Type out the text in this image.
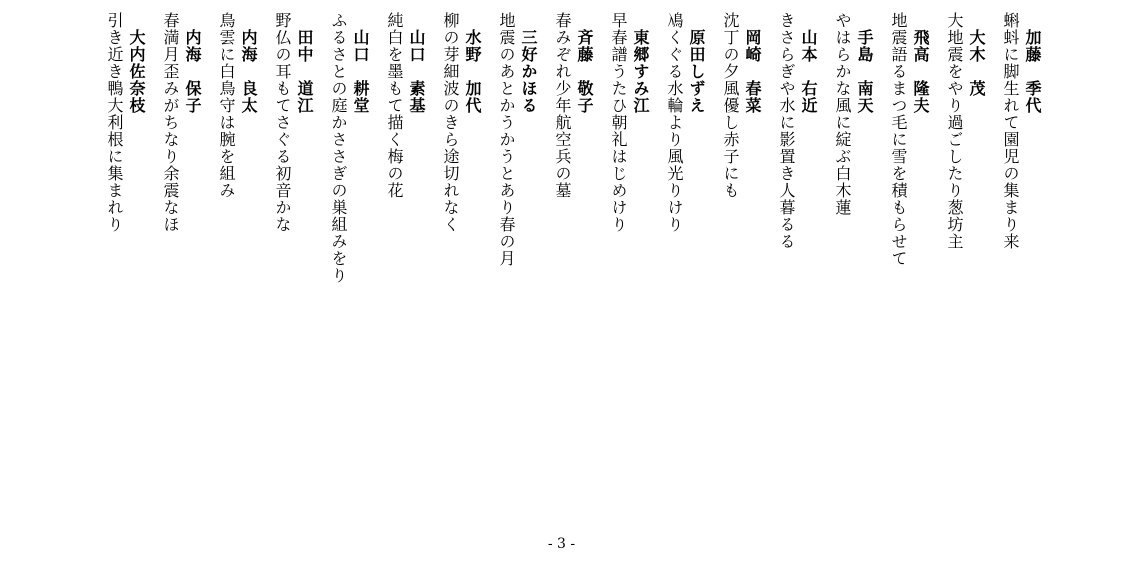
加藤　季代
蝌蚪に脚生れて園児の集まり来
大木　茂
大地震をやり過ごしたり葱坊主
飛高　隆夫
地震語るまつ毛に雪を積もらせて
手島　南天
やはらかな風に綻ぶ白木蓮
山本　右近
きさらぎや水に影置き人暮るる
岡崎　春菜
沈丁の夕風優し赤子にも
原田しずえ
鳰くぐる水輪より風光りけり
東郷すみ江
早春譜うたひ朝礼はじめけり
斉藤　敬子
春みぞれ少年航空兵の墓
三好かほる
地震のあとかうかうとあり春の月
水野　加代
柳の芽細波のきら途切れなく
山口　素基
純白を墨もて描く梅の花
山口　耕堂
ふるさとの庭かささぎの巣組みをり
田中　道江
野仏の耳もてさぐる初音かな
内海　良太
鳥雲に白鳥守は腕を組み
内海　保子
春満月歪みがちなり余震なほ
大内佐奈枝
引き近き鴨大利根に集まれり
- 3 -
